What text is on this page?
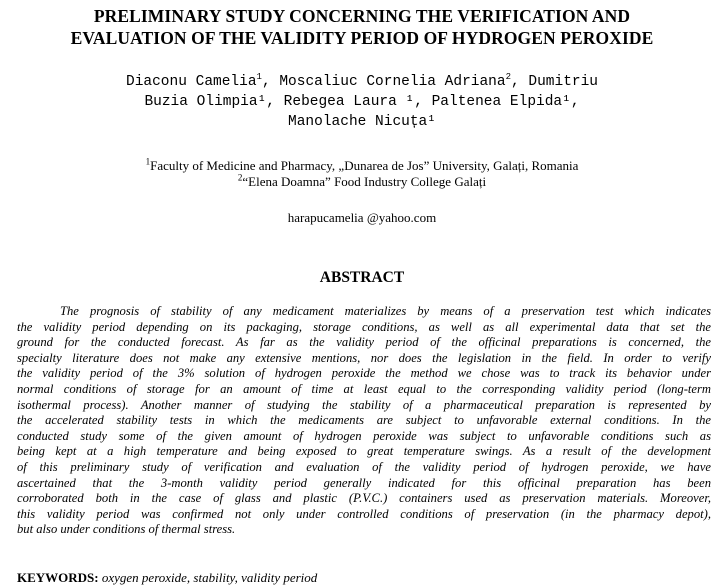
PRELIMINARY STUDY CONCERNING THE VERIFICATION AND
EVALUATION OF THE VALIDITY PERIOD OF HYDROGEN PEROXIDE
Diaconu Camelia$^1$, Moscaliuc Cornelia Adriana$^2$, Dumitriu
Buzia Olimpia¹, Rebegea Laura ¹, Paltenea Elpida¹,
Manolache Nicuța¹
$^1$Faculty of Medicine and Pharmacy, „Dunarea de Jos” University, Galați, Romania
$^2$“Elena Doamna” Food Industry College Galați
harapucamelia @yahoo.com
ABSTRACT
The prognosis of stability of any medicament materializes by means of a preservation test which indicates
the validity period depending on its packaging, storage conditions, as well as all experimental data that set the
ground for the conducted forecast. As far as the validity period of the officinal preparations is concerned, the
specialty literature does not make any extensive mentions, nor does the legislation in the field. In order to verify
the validity period of the 3% solution of hydrogen peroxide the method we chose was to track its behavior under
normal conditions of storage for an amount of time at least equal to the corresponding validity period (long-term
isothermal process). Another manner of studying the stability of a pharmaceutical preparation is represented by
the accelerated stability tests in which the medicaments are subject to unfavorable external conditions. In the
conducted study some of the given amount of hydrogen peroxide was subject to unfavorable conditions such as
being kept at a high temperature and being exposed to great temperature swings. As a result of the development
of this preliminary study of verification and evaluation of the validity period of hydrogen peroxide, we have
ascertained that the 3-month validity period generally indicated for this officinal preparation has been
corroborated both in the case of glass and plastic (P.V.C.) containers used as preservation materials. Moreover,
this validity period was confirmed not only under controlled conditions of preservation (in the pharmacy depot),
but also under conditions of thermal stress.
KEYWORDS: oxygen peroxide, stability, validity period
